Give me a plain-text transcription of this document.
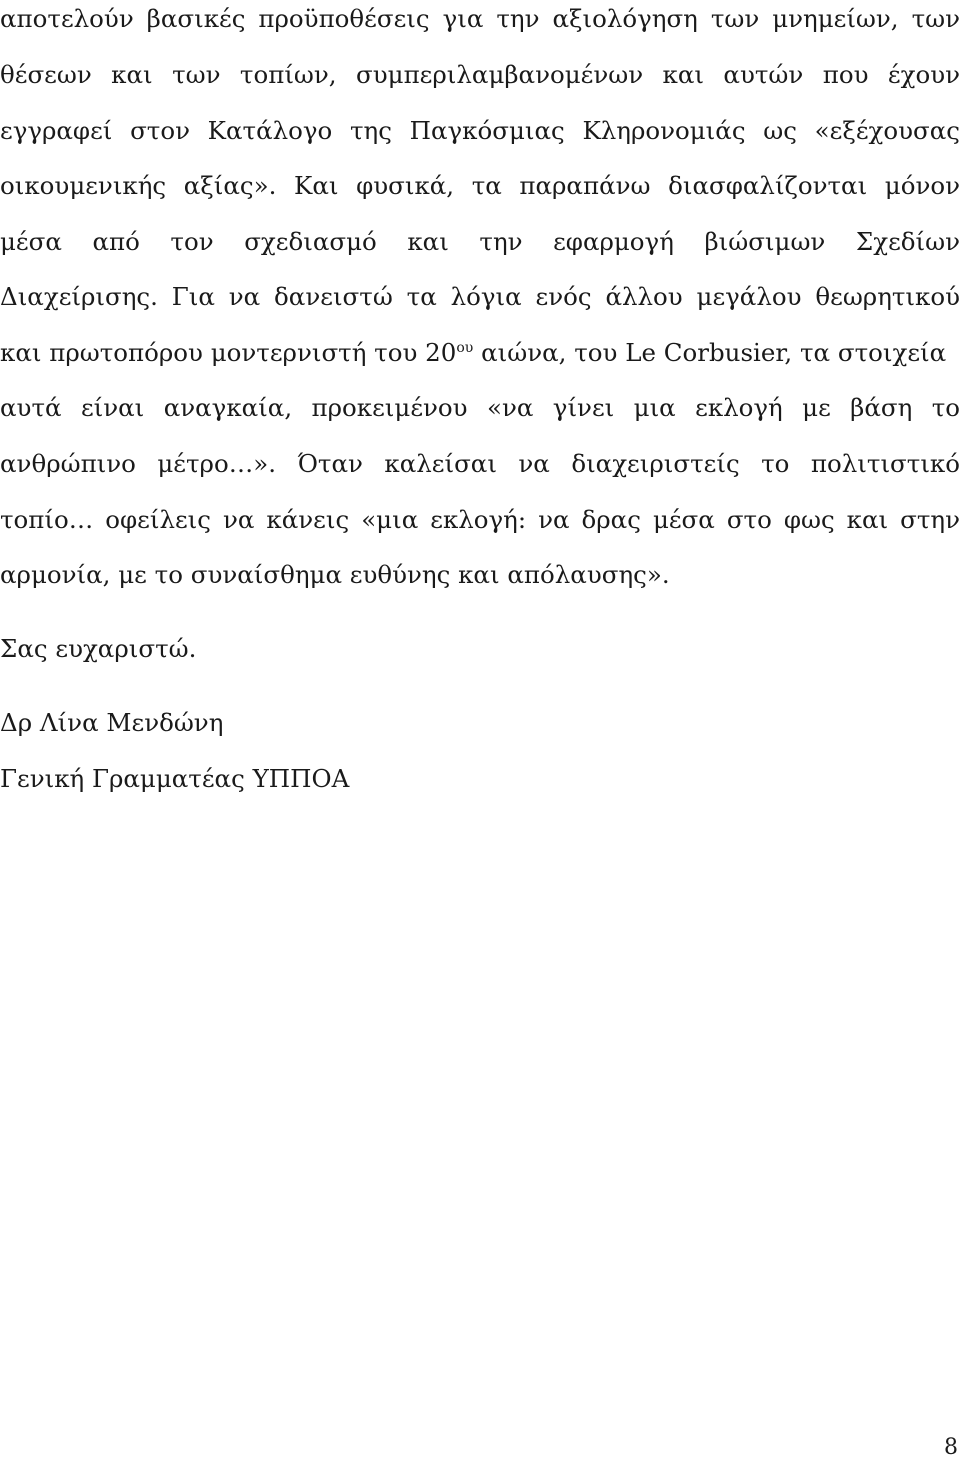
αποτελούν βασικές προϋποθέσεις για την αξιολόγηση των μνημείων, των
θέσεων και των τοπίων, συμπεριλαμβανομένων και αυτών που έχουν
εγγραφεί στον Κατάλογο της Παγκόσμιας Κληρονομιάς ως «εξέχουσας
οικουμενικής αξίας». Και φυσικά, τα παραπάνω διασφαλίζονται μόνον
μέσα από τον σχεδιασμό και την εφαρμογή βιώσιμων Σχεδίων
Διαχείρισης. Για να δανειστώ τα λόγια ενός άλλου μεγάλου θεωρητικού
και πρωτοπόρου μοντερνιστή του $20^{o\upsilon}$ αιώνα, του Le Corbusier, τα στοιχεία
αυτά είναι αναγκαία, προκειμένου «να γίνει μια εκλογή με βάση το
ανθρώπινο μέτρο…». Όταν καλείσαι να διαχειριστείς το πολιτιστικό
τοπίο… οφείλεις να κάνεις «μια εκλογή: να δρας μέσα στο φως και στην
αρμονία, με το συναίσθημα ευθύνης και απόλαυσης».
Σας ευχαριστώ.
Δρ Λίνα Μενδώνη
Γενική Γραμματέας ΥΠΠΟΑ
8
